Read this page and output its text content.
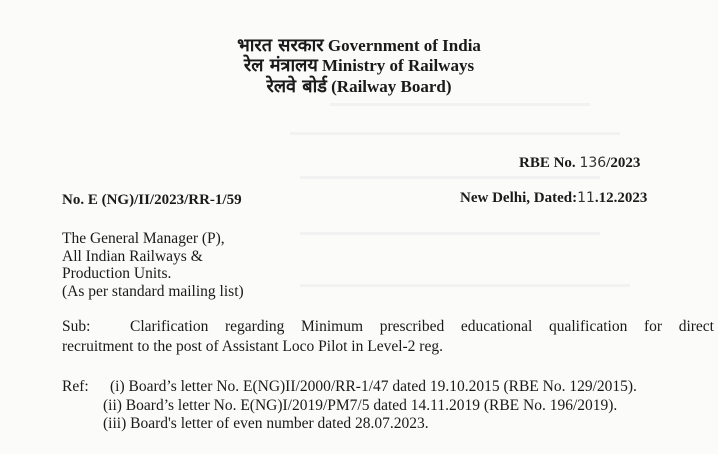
भारत सरकार Government of India
रेल मंत्रालय Ministry of Railways
रेलवे बोर्ड (Railway Board)
RBE No. 136/2023
No. E (NG)/II/2023/RR-1/59	New Delhi, Dated:11.12.2023
The General Manager (P),
All Indian Railways &
Production Units.
(As per standard mailing list)
Sub:	Clarification regarding Minimum prescribed educational qualification for direct
recruitment to the post of Assistant Loco Pilot in Level-2 reg.
Ref: (i) Board’s letter No. E(NG)II/2000/RR-1/47 dated 19.10.2015 (RBE No. 129/2015).
(ii) Board’s letter No. E(NG)I/2019/PM7/5 dated 14.11.2019 (RBE No. 196/2019).
(iii) Board's letter of even number dated 28.07.2023.
